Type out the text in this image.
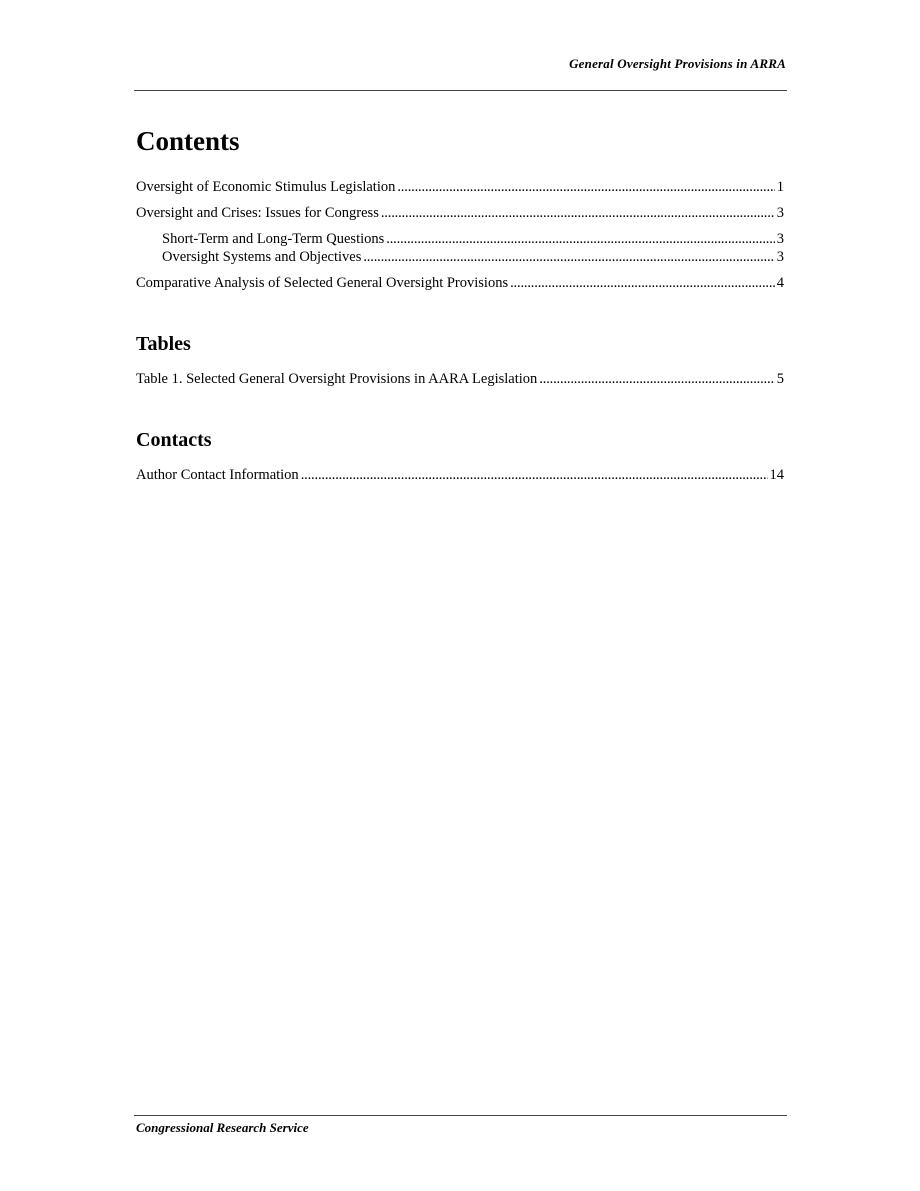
General Oversight Provisions in ARRA
Contents
Oversight of Economic Stimulus Legislation . . .	1
Oversight and Crises: Issues for Congress . . .	3
Short-Term and Long-Term Questions . . .	3
Oversight Systems and Objectives . . .	3
Comparative Analysis of Selected General Oversight Provisions . . .	4
Tables
Table 1. Selected General Oversight Provisions in AARA Legislation . . .	5
Contacts
Author Contact Information . . .	14
Congressional Research Service
